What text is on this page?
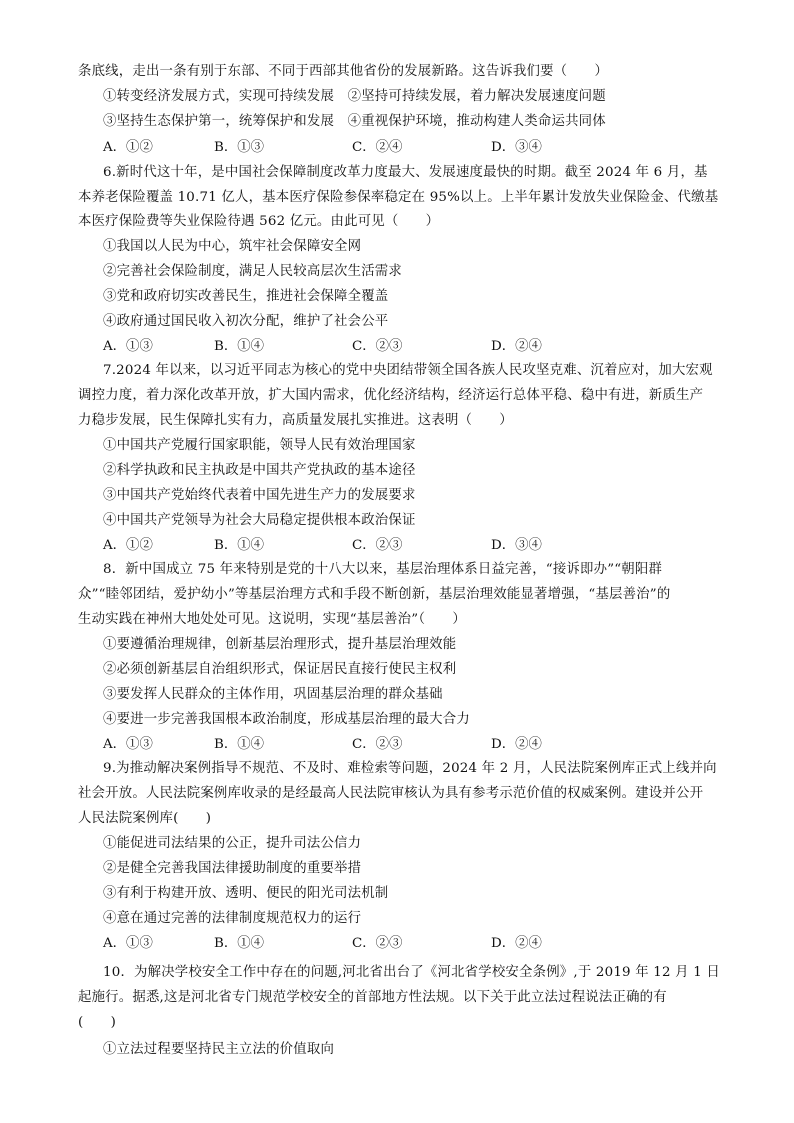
条底线，走出一条有别于东部、不同于西部其他省份的发展新路。这告诉我们要（　　）
①转变经济发展方式，实现可持续发展　②坚持可持续发展，着力解决发展速度问题
③坚持生态保护第一，统筹保护和发展　④重视保护环境，推动构建人类命运共同体
A．①②	B．①③	C．②④	D．③④
6.新时代这十年，是中国社会保障制度改革力度最大、发展速度最快的时期。截至 2024 年 6 月，基
本养老保险覆盖 10.71 亿人，基本医疗保险参保率稳定在 95%以上。上半年累计发放失业保险金、代缴基
本医疗保险费等失业保险待遇 562 亿元。由此可见（　　）
①我国以人民为中心，筑牢社会保障安全网
②完善社会保险制度，满足人民较高层次生活需求
③党和政府切实改善民生，推进社会保障全覆盖
④政府通过国民收入初次分配，维护了社会公平
A．①③	B．①④	C．②③	D．②④
7.2024 年以来，以习近平同志为核心的党中央团结带领全国各族人民攻坚克难、沉着应对，加大宏观
调控力度，着力深化改革开放，扩大国内需求，优化经济结构，经济运行总体平稳、稳中有进，新质生产
力稳步发展，民生保障扎实有力，高质量发展扎实推进。这表明（　　）
①中国共产党履行国家职能，领导人民有效治理国家
②科学执政和民主执政是中国共产党执政的基本途径
③中国共产党始终代表着中国先进生产力的发展要求
④中国共产党领导为社会大局稳定提供根本政治保证
A．①②	B．①④	C．②③	D．③④
8．新中国成立 75 年来特别是党的十八大以来，基层治理体系日益完善，“接诉即办”“朝阳群
众”“睦邻团结，爱护幼小”等基层治理方式和手段不断创新，基层治理效能显著增强，“基层善治”的
生动实践在神州大地处处可见。这说明，实现“基层善治”（　　）
①要遵循治理规律，创新基层治理形式，提升基层治理效能
②必须创新基层自治组织形式，保证居民直接行使民主权利
③要发挥人民群众的主体作用，巩固基层治理的群众基础
④要进一步完善我国根本政治制度，形成基层治理的最大合力
A．①③	B．①④	C．②③	D．②④
9.为推动解决案例指导不规范、不及时、难检索等问题，2024 年 2 月，人民法院案例库正式上线并向
社会开放。人民法院案例库收录的是经最高人民法院审核认为具有参考示范价值的权威案例。建设并公开
人民法院案例库(　　)
①能促进司法结果的公正，提升司法公信力
②是健全完善我国法律援助制度的重要举措
③有利于构建开放、透明、便民的阳光司法机制
④意在通过完善的法律制度规范权力的运行
A．①③	B．①④	C．②③	D．②④
10．为解决学校安全工作中存在的问题,河北省出台了《河北省学校安全条例》,于 2019 年 12 月 1 日
起施行。据悉,这是河北省专门规范学校安全的首部地方性法规。以下关于此立法过程说法正确的有
(　　)
①立法过程要坚持民主立法的价值取向
